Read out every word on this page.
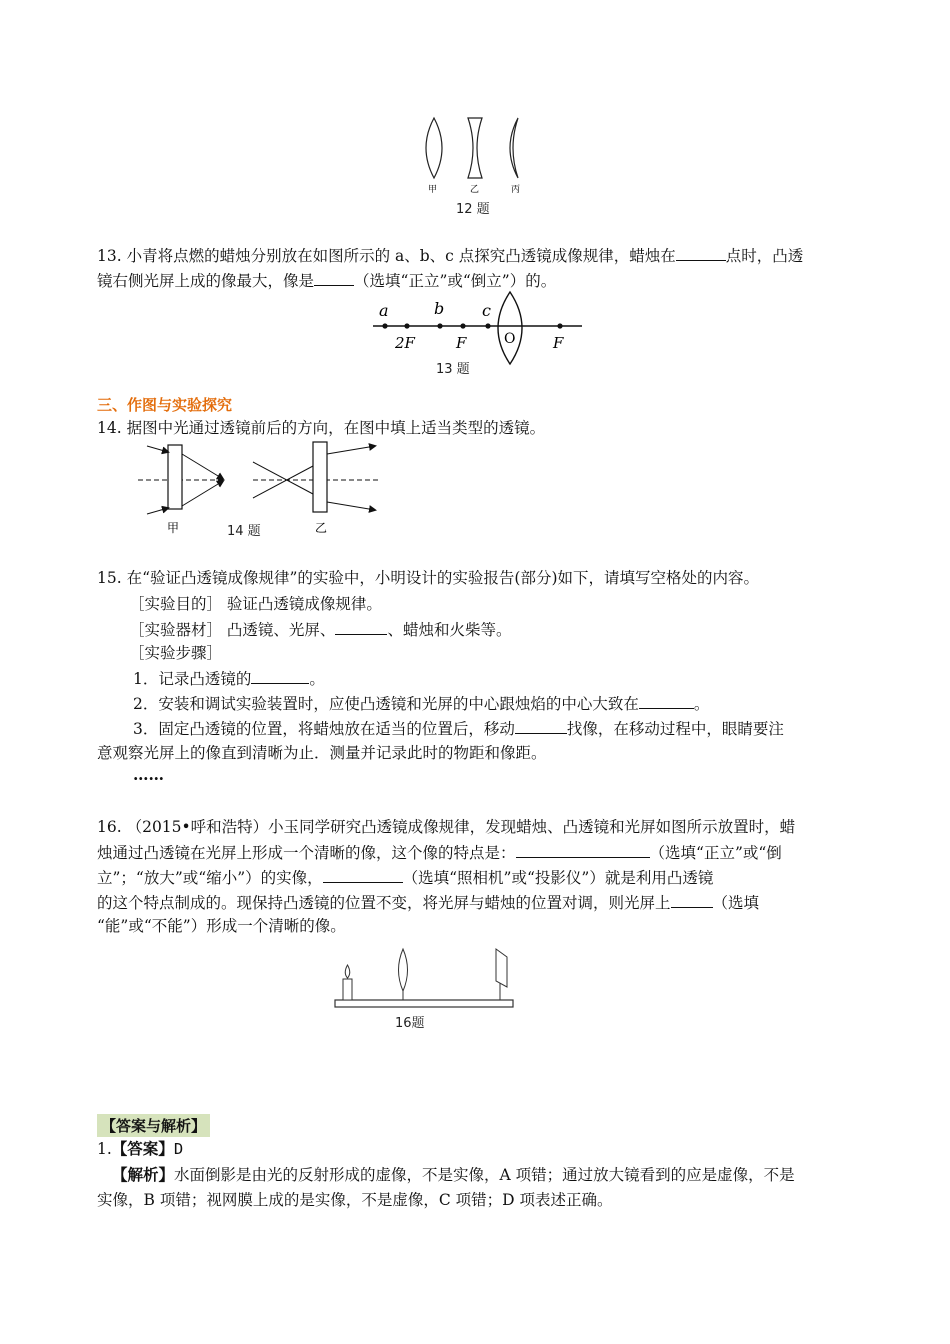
甲	乙	丙
12 题
13. 小青将点燃的蜡烛分别放在如图所示的 a、b、c 点探究凸透镜成像规律，蜡烛在	点时，凸透
镜右侧光屏上成的像最大，像是	（选填“正立”或“倒立”）的。
a	b c
2F	F	O	F
13 题
三、作图与实验探究
14. 据图中光通过透镜前后的方向，在图中填上适当类型的透镜。
甲	乙
14 题
15. 在“验证凸透镜成像规律”的实验中，小明设计的实验报告(部分)如下，请填写空格处的内容。
［实验目的］ 验证凸透镜成像规律。
［实验器材］ 凸透镜、光屏、	、蜡烛和火柴等。
［实验步骤］
1．记录凸透镜的	。
2．安装和调试实验装置时，应使凸透镜和光屏的中心跟烛焰的中心大致在	。
3．固定凸透镜的位置，将蜡烛放在适当的位置后，移动	找像，在移动过程中，眼睛要注
意观察光屏上的像直到清晰为止．测量并记录此时的物距和像距。
……
16. （2015•呼和浩特）小玉同学研究凸透镜成像规律，发现蜡烛、凸透镜和光屏如图所示放置时，蜡
烛通过凸透镜在光屏上形成一个清晰的像，这个像的特点是：	（选填“正立”或“倒
立”；“放大”或“缩小”）的实像，	（选填“照相机”或“投影仪”）就是利用凸透镜
的这个特点制成的。现保持凸透镜的位置不变，将光屏与蜡烛的位置对调，则光屏上	（选填
“能”或“不能”）形成一个清晰的像。
16题
【答案与解析】
1.【答案】D
【解析】水面倒影是由光的反射形成的虚像，不是实像，A 项错；通过放大镜看到的应是虚像，不是
实像，B 项错；视网膜上成的是实像，不是虚像，C 项错；D 项表述正确。
